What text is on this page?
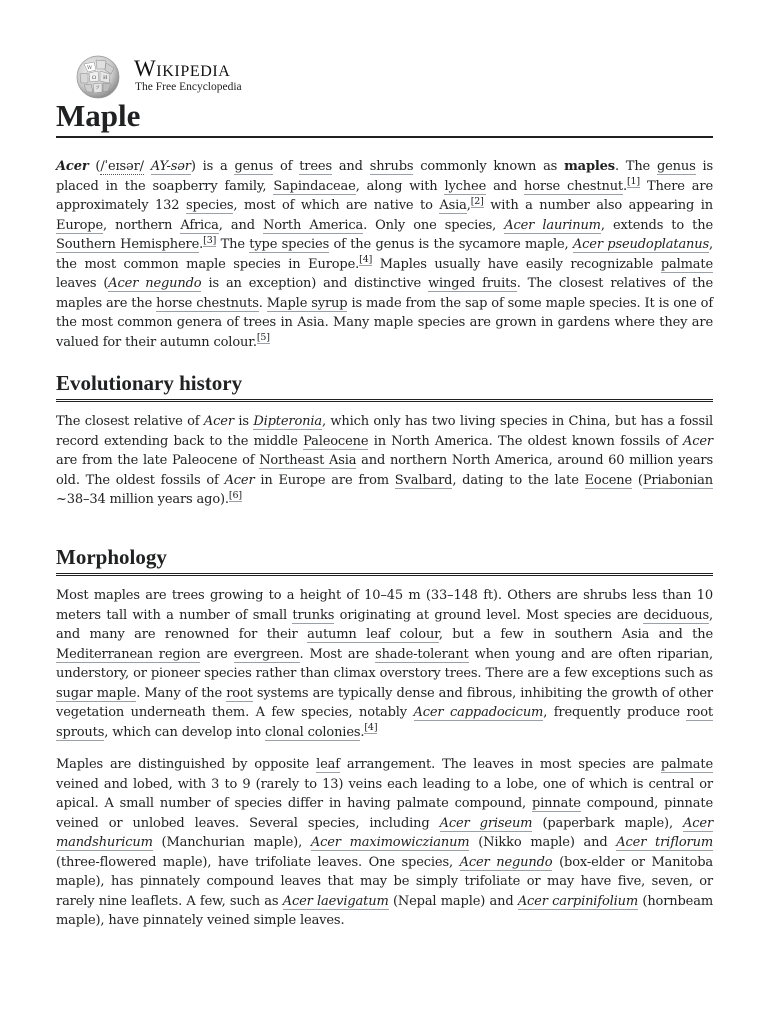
W
Ω И
ツ
Wikipedia
The Free Encyclopedia
Maple

Acer (/ˈeɪsər/ AY-sər) is a genus of trees and shrubs commonly known as maples. The genus is placed in the soapberry family, Sapindaceae, along with lychee and horse chestnut.[1] There are approximately 132 species, most of which are native to Asia,[2] with a number also appearing in Europe, northern Africa, and North America. Only one species, Acer laurinum, extends to the Southern Hemisphere.[3] The type species of the genus is the sycamore maple, Acer pseudoplatanus, the most common maple species in Europe.[4] Maples usually have easily recognizable palmate leaves (Acer negundo is an exception) and distinctive winged fruits. The closest relatives of the maples are the horse chestnuts. Maple syrup is made from the sap of some maple species. It is one of the most common genera of trees in Asia. Many maple species are grown in gardens where they are valued for their autumn colour.[5]

Evolutionary history

The closest relative of Acer is Dipteronia, which only has two living species in China, but has a fossil record extending back to the middle Paleocene in North America. The oldest known fossils of Acer are from the late Paleocene of Northeast Asia and northern North America, around 60 million years old. The oldest fossils of Acer in Europe are from Svalbard, dating to the late Eocene (Priabonian ~38–34 million years ago).[6]

Morphology

Most maples are trees growing to a height of 10–45 m (33–148 ft). Others are shrubs less than 10 meters tall with a number of small trunks originating at ground level. Most species are deciduous, and many are renowned for their autumn leaf colour, but a few in southern Asia and the Mediterranean region are evergreen. Most are shade-tolerant when young and are often riparian, understory, or pioneer species rather than climax overstory trees. There are a few exceptions such as sugar maple. Many of the root systems are typically dense and fibrous, inhibiting the growth of other vegetation underneath them. A few species, notably Acer cappadocicum, frequently produce root sprouts, which can develop into clonal colonies.[4]

Maples are distinguished by opposite leaf arrangement. The leaves in most species are palmate veined and lobed, with 3 to 9 (rarely to 13) veins each leading to a lobe, one of which is central or apical. A small number of species differ in having palmate compound, pinnate compound, pinnate veined or unlobed leaves. Several species, including Acer griseum (paperbark maple), Acer mandshuricum (Manchurian maple), Acer maximowiczianum (Nikko maple) and Acer triflorum (three-flowered maple), have trifoliate leaves. One species, Acer negundo (box-elder or Manitoba maple), has pinnately compound leaves that may be simply trifoliate or may have five, seven, or rarely nine leaflets. A few, such as Acer laevigatum (Nepal maple) and Acer carpinifolium (hornbeam maple), have pinnately veined simple leaves.
